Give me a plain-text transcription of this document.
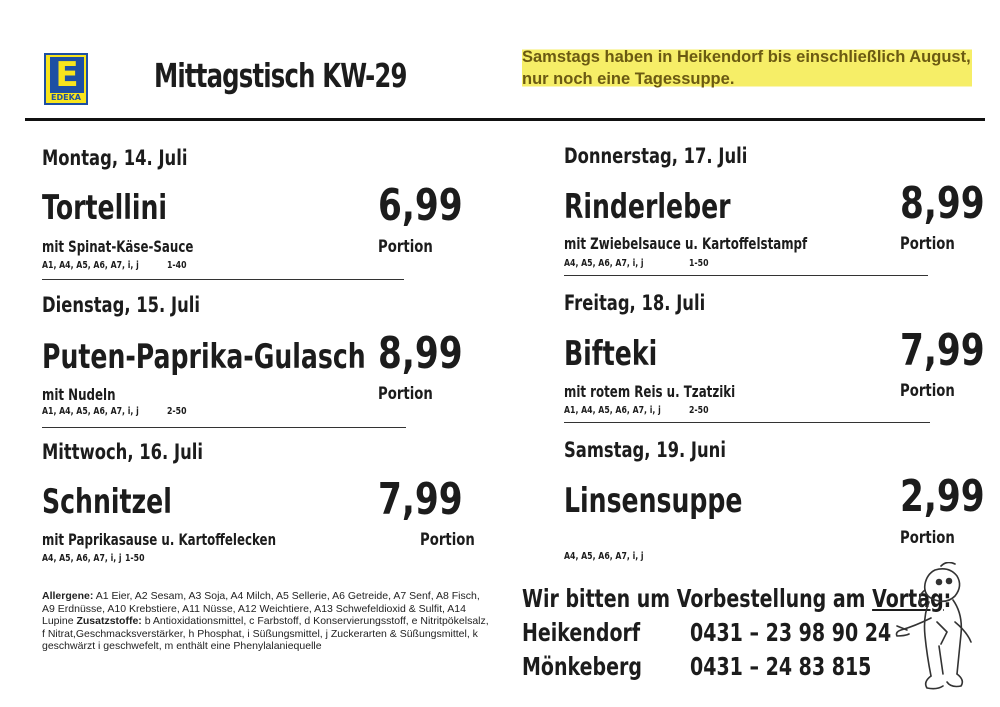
E
EDEKA
Mittagstisch KW-29	Samstags haben in Heikendorf bis einschließlich August, nur noch eine Tagessuppe.
Montag, 14. Juli
Tortellini	6,99
mit Spinat-Käse-Sauce	Portion
A1, A4, A5, A6, A7, i, j	1-40
Dienstag, 15. Juli
Puten-Paprika-Gulasch 8,99
mit Nudeln	Portion
A1, A4, A5, A6, A7, i, j	2-50
Mittwoch, 16. Juli
Schnitzel	7,99
mit Paprikasause u. Kartoffelecken	Portion
A4, A5, A6, A7, i, j 1-50
Allergene: A1 Eier, A2 Sesam, A3 Soja, A4 Milch, A5 Sellerie, A6 Getreide, A7 Senf, A8 Fisch, A9 Erdnüsse, A10 Krebstiere, A11 Nüsse, A12 Weichtiere, A13 Schwefeldioxid & Sulfit, A14 Lupine Zusatzstoffe: b Antioxidationsmittel, c Farbstoff, d Konservierungsstoff, e Nitritpökelsalz, f Nitrat,Geschmacksverstärker, h Phosphat, i Süßungsmittel, j Zuckerarten & Süßungsmittel, k geschwärzt i geschwefelt, m enthält eine Phenylalaniequelle
Donnerstag, 17. Juli
Rinderleber	8,99
mit Zwiebelsauce u. Kartoffelstampf	Portion
A4, A5, A6, A7, i, j	1-50
Freitag, 18. Juli
Bifteki	7,99
mit rotem Reis u. Tzatziki	Portion
A1, A4, A5, A6, A7, i, j	2-50
Samstag, 19. Juni
Linsensuppe	2,99
Portion
A4, A5, A6, A7, i, j
Wir bitten um Vorbestellung am Vortag:
Heikendorf 0431 – 23 98 90 24
Mönkeberg 0431 – 24 83 815
